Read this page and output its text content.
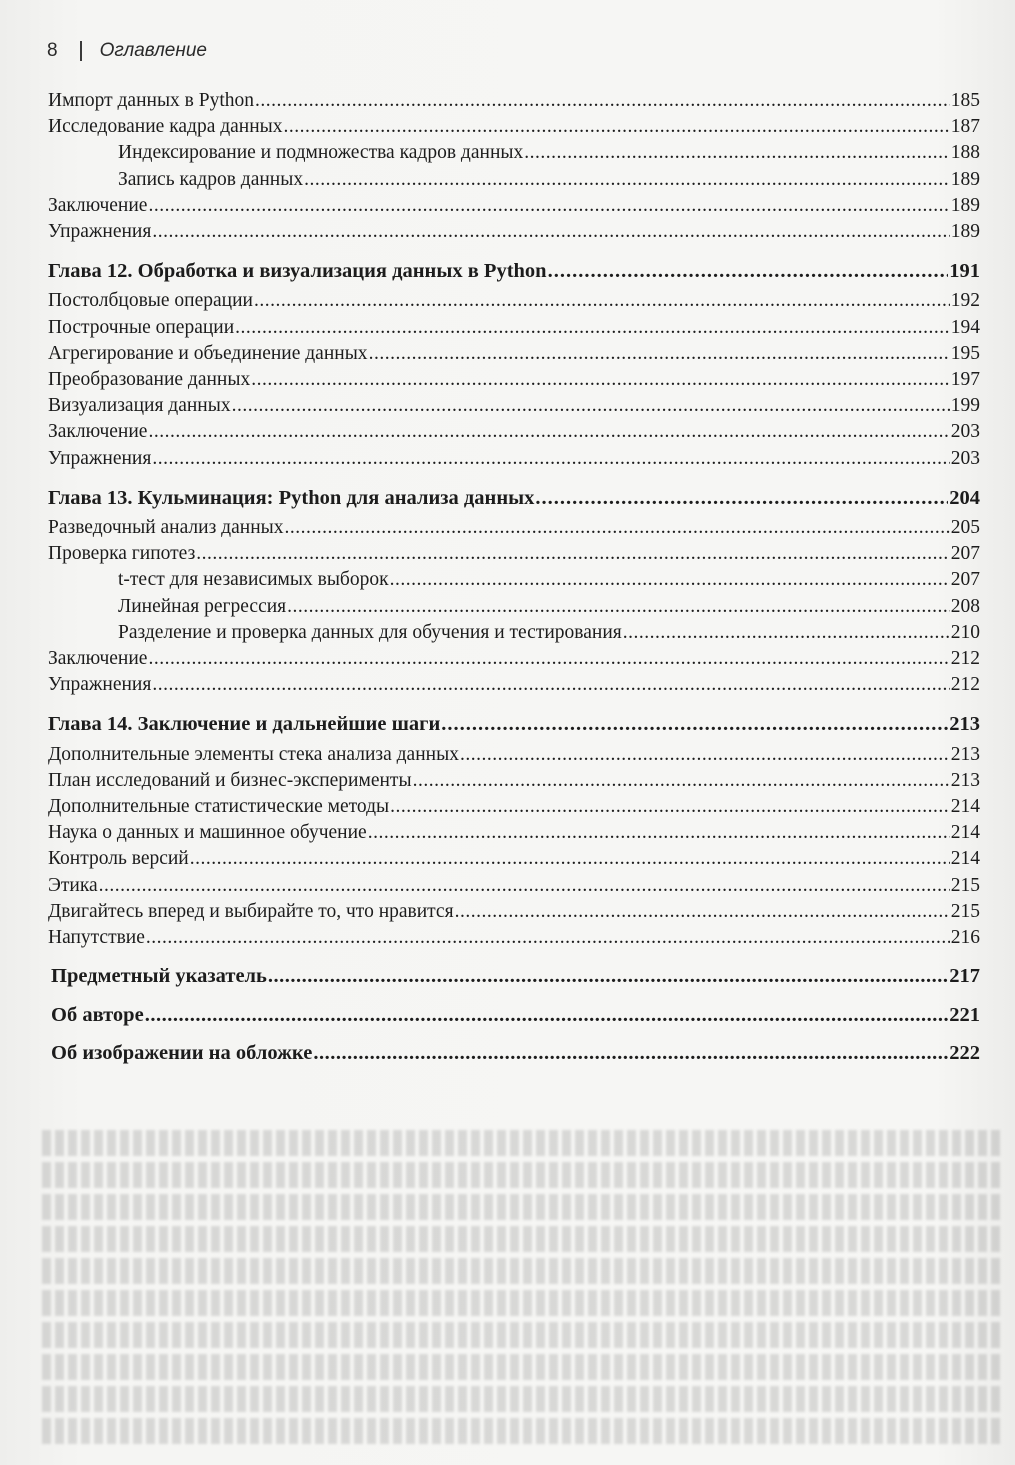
8 Оглавление
Импорт данных в Python .....	185
Исследование кадра данных .....	187
Индексирование и подмножества кадров данных .....	188
Запись кадров данных .....	189
Заключение .....	189
Упражнения .....	189
Глава 12. Обработка и визуализация данных в Python .....	191
Постолбцовые операции .....	192
Построчные операции .....	194
Агрегирование и объединение данных .....	195
Преобразование данных .....	197
Визуализация данных .....	199
Заключение .....	203
Упражнения .....	203
Глава 13. Кульминация: Python для анализа данных .....	204
Разведочный анализ данных .....	205
Проверка гипотез .....	207
t-тест для независимых выборок .....	207
Линейная регрессия .....	208
Разделение и проверка данных для обучения и тестирования .....	210
Заключение .....	212
Упражнения .....	212
Глава 14. Заключение и дальнейшие шаги .....	213
Дополнительные элементы стека анализа данных .....	213
План исследований и бизнес-эксперименты .....	213
Дополнительные статистические методы .....	214
Наука о данных и машинное обучение .....	214
Контроль версий .....	214
Этика .....	215
Двигайтесь вперед и выбирайте то, что нравится .....	215
Напутствие .....	216
Предметный указатель .....	217
Об авторе .....	221
Об изображении на обложке .....	222
